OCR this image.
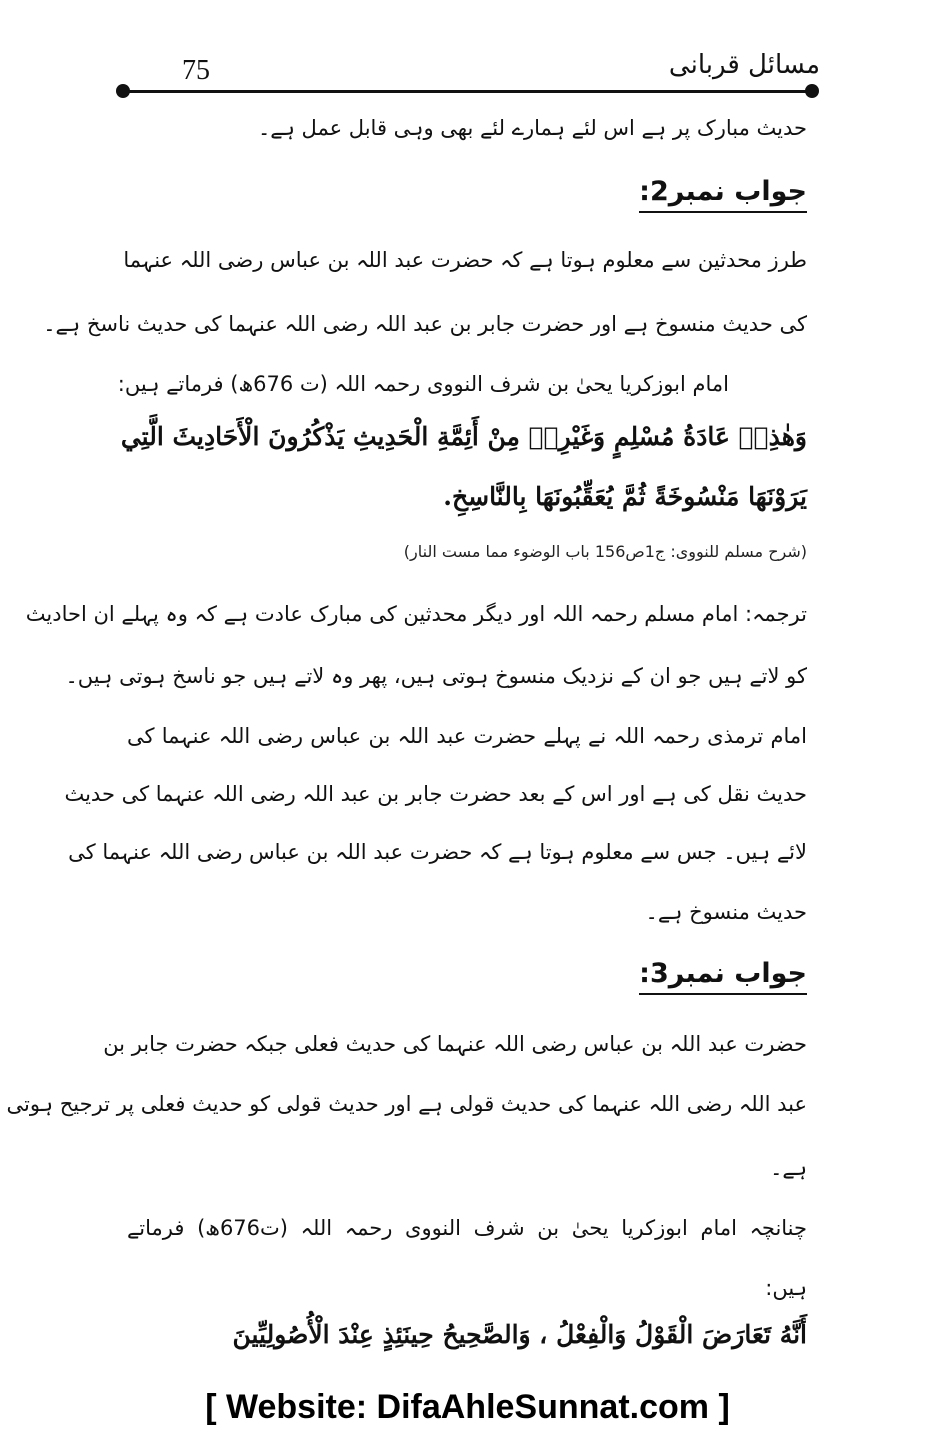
75	مسائل قربانی
حدیث مبارک پر ہے اس لئے ہمارے لئے بھی وہی قابل عمل ہے۔
جواب نمبر2:
طرز محدثین سے معلوم ہوتا ہے کہ حضرت عبد اللہ بن عباس رضی اللہ عنہما
کی حدیث منسوخ ہے اور حضرت جابر بن عبد اللہ رضی اللہ عنہما کی حدیث ناسخ ہے۔
امام ابوزکریا یحیٰ بن شرف النووی رحمہ اللہ (ت 676ھ) فرماتے ہیں:
وَهٰذِهٖ عَادَةُ مُسْلِمٍ وَغَيْرِهٖ مِنْ أَئِمَّةِ الْحَدِيثِ يَذْكُرُونَ الْأَحَادِيثَ الَّتِي
يَرَوْنَهَا مَنْسُوخَةً ثُمَّ يُعَقِّبُونَهَا بِالنَّاسِخِ.
(شرح مسلم للنووی: ج1ص156 باب الوضوء مما مست النار)
ترجمہ: امام مسلم رحمہ اللہ اور دیگر محدثین کی مبارک عادت ہے کہ وہ پہلے ان احادیث
کو لاتے ہیں جو ان کے نزدیک منسوخ ہوتی ہیں، پھر وہ لاتے ہیں جو ناسخ ہوتی ہیں۔
امام ترمذی رحمہ اللہ نے پہلے حضرت عبد اللہ بن عباس رضی اللہ عنہما کی
حدیث نقل کی ہے اور اس کے بعد حضرت جابر بن عبد اللہ رضی اللہ عنہما کی حدیث
لائے ہیں۔ جس سے معلوم ہوتا ہے کہ حضرت عبد اللہ بن عباس رضی اللہ عنہما کی
حدیث منسوخ ہے۔
جواب نمبر3:
حضرت عبد اللہ بن عباس رضی اللہ عنہما کی حدیث فعلی جبکہ حضرت جابر بن
عبد اللہ رضی اللہ عنہما کی حدیث قولی ہے اور حدیث قولی کو حدیث فعلی پر ترجیح ہوتی
ہے۔
چنانچہ امام ابوزکریا یحیٰ بن شرف النووی رحمہ اللہ (ت676ھ) فرماتے
ہیں:
أَنَّهُ تَعَارَضَ الْقَوْلُ وَالْفِعْلُ ، وَالصَّحِيحُ حِينَئِذٍ عِنْدَ الْأُصُولِيِّينَ
[ Website: DifaAhleSunnat.com ]
